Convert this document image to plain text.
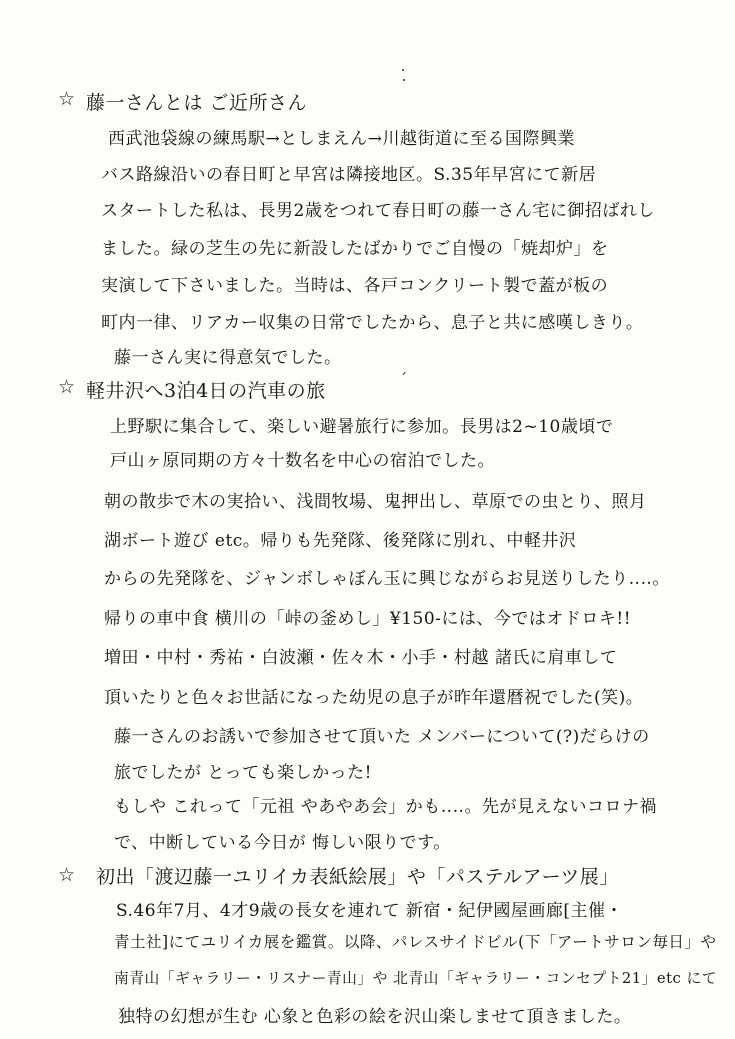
☆ 藤一さんとは ご近所さん
西武池袋線の練馬駅→としまえん→川越街道に至る国際興業
バス路線沿いの春日町と早宮は隣接地区。S.35年早宮にて新居
スタートした私は、長男2歳をつれて春日町の藤一さん宅に御招ばれし
ました。緑の芝生の先に新設したばかりでご自慢の「焼却炉」を
実演して下さいました。当時は、各戸コンクリート製で蓋が板の
町内一律、リアカー収集の日常でしたから、息子と共に感嘆しきり。
藤一さん実に得意気でした。
☆ 軽井沢へ3泊4日の汽車の旅	ˊ
上野駅に集合して、楽しい避暑旅行に参加。長男は2~10歳頃で
戸山ヶ原同期の方々十数名を中心の宿泊でした。
朝の散歩で木の実拾い、浅間牧場、鬼押出し、草原での虫とり、照月
湖ボート遊び etc。帰りも先発隊、後発隊に別れ、中軽井沢
からの先発隊を、ジャンボしゃぼん玉に興じながらお見送りしたり‥‥。
帰りの車中食 横川の「峠の釜めし」¥150-には、今ではオドロキ!!
増田・中村・秀祐・白波瀬・佐々木・小手・村越 諸氏に肩車して
頂いたりと色々お世話になった幼児の息子が昨年還暦祝でした(笑)。
藤一さんのお誘いで参加させて頂いた メンバーについて(?)だらけの
旅でしたが とっても楽しかった!
もしや これって「元祖 やあやあ会」かも‥‥。先が見えないコロナ禍
で、中断している今日が 悔しい限りです。
☆ 初出「渡辺藤一ユリイカ表紙絵展」や「パステルアーツ展」
S.46年7月、4才9歳の長女を連れて 新宿・紀伊國屋画廊[主催・
青土社]にてユリイカ展を鑑賞。以降、パレスサイドビル(下「アートサロン毎日」や
南青山「ギャラリー・リスナー青山」や 北青山「ギャラリー・コンセプト21」etc にて
独特の幻想が生む 心象と色彩の絵を沢山楽しませて頂きました。
